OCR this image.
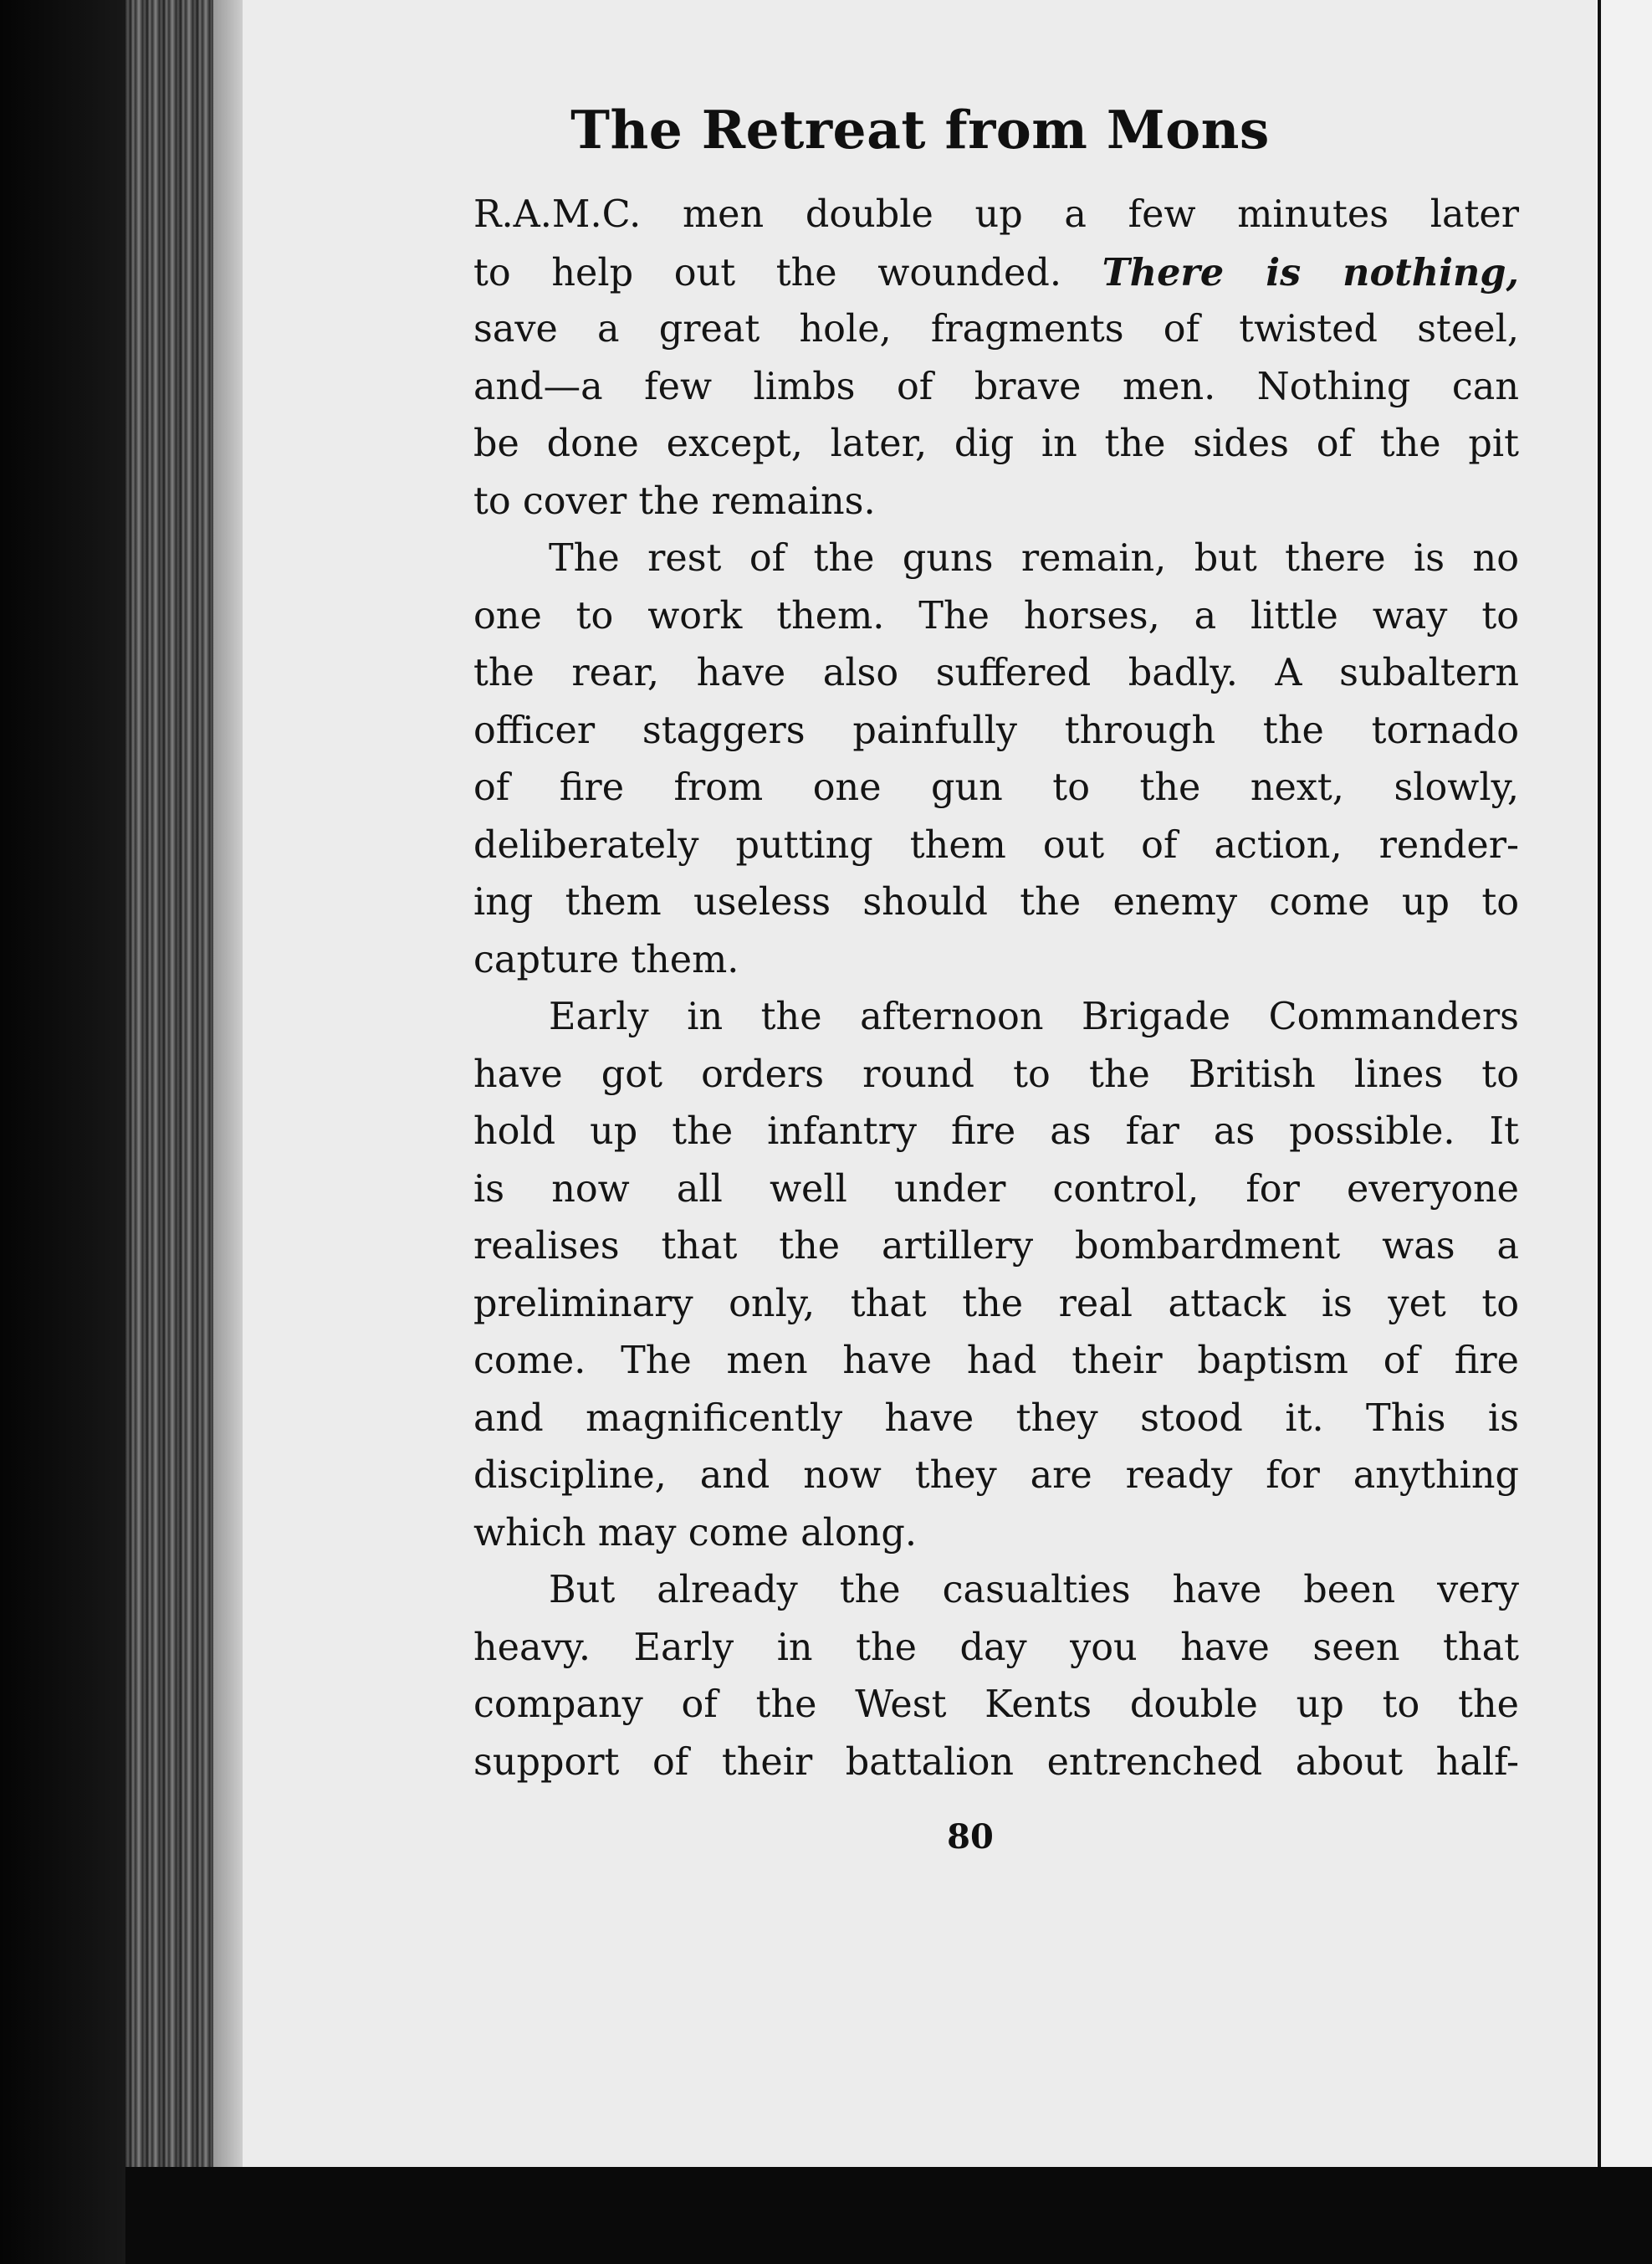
The Retreat from Mons
R.A.M.C. men double up a few minutes later
to help out the wounded. There is nothing,
save a great hole, fragments of twisted steel,
and—a few limbs of brave men. Nothing can
be done except, later, dig in the sides of the pit
to cover the remains.
The rest of the guns remain, but there is no
one to work them. The horses, a little way to
the rear, have also suffered badly. A subaltern
officer staggers painfully through the tornado
of fire from one gun to the next, slowly,
deliberately putting them out of action, render-
ing them useless should the enemy come up to
capture them.
Early in the afternoon Brigade Commanders
have got orders round to the British lines to
hold up the infantry fire as far as possible. It
is now all well under control, for everyone
realises that the artillery bombardment was a
preliminary only, that the real attack is yet to
come. The men have had their baptism of fire
and magnificently have they stood it. This is
discipline, and now they are ready for anything
which may come along.
But already the casualties have been very
heavy. Early in the day you have seen that
company of the West Kents double up to the
support of their battalion entrenched about half-
80
